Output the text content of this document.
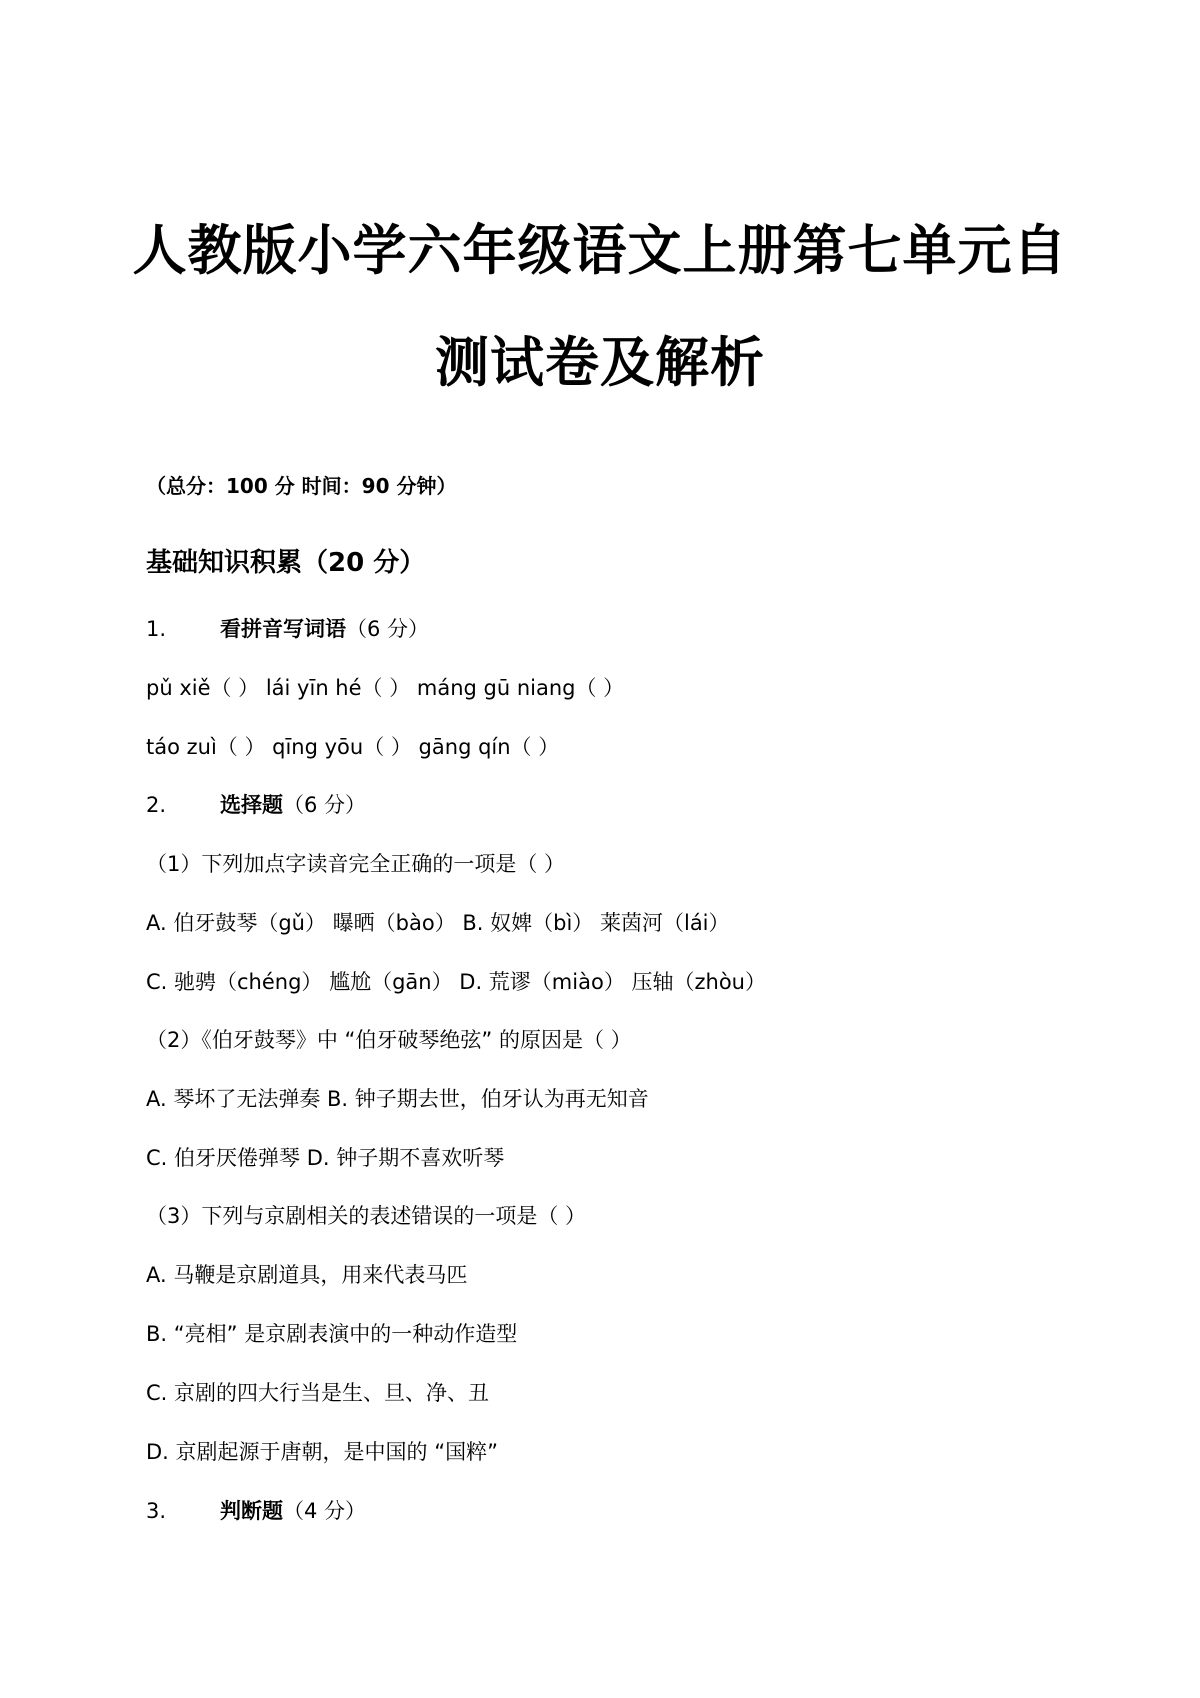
人教版小学六年级语文上册第七单元自
测试卷及解析
（总分：100 分 时间：90 分钟）
基础知识积累（20 分）
1.	看拼音写词语（6 分）
pǔ xiě（ ） lái yīn hé（ ） máng gū niang（ ）
táo zuì（ ） qīng yōu（ ） gāng qín（ ）
2.	选择题（6 分）
（1）下列加点字读音完全正确的一项是（ ）
A. 伯牙鼓琴（gǔ） 曝晒（bào） B. 奴婢（bì） 莱茵河（lái）
C. 驰骋（chéng） 尴尬（gān） D. 荒谬（miào） 压轴（zhòu）
（2）《伯牙鼓琴》中 “伯牙破琴绝弦” 的原因是（ ）
A. 琴坏了无法弹奏 B. 钟子期去世，伯牙认为再无知音
C. 伯牙厌倦弹琴 D. 钟子期不喜欢听琴
（3）下列与京剧相关的表述错误的一项是（ ）
A. 马鞭是京剧道具，用来代表马匹
B. “亮相” 是京剧表演中的一种动作造型
C. 京剧的四大行当是生、旦、净、丑
D. 京剧起源于唐朝，是中国的 “国粹”
3.	判断题（4 分）
